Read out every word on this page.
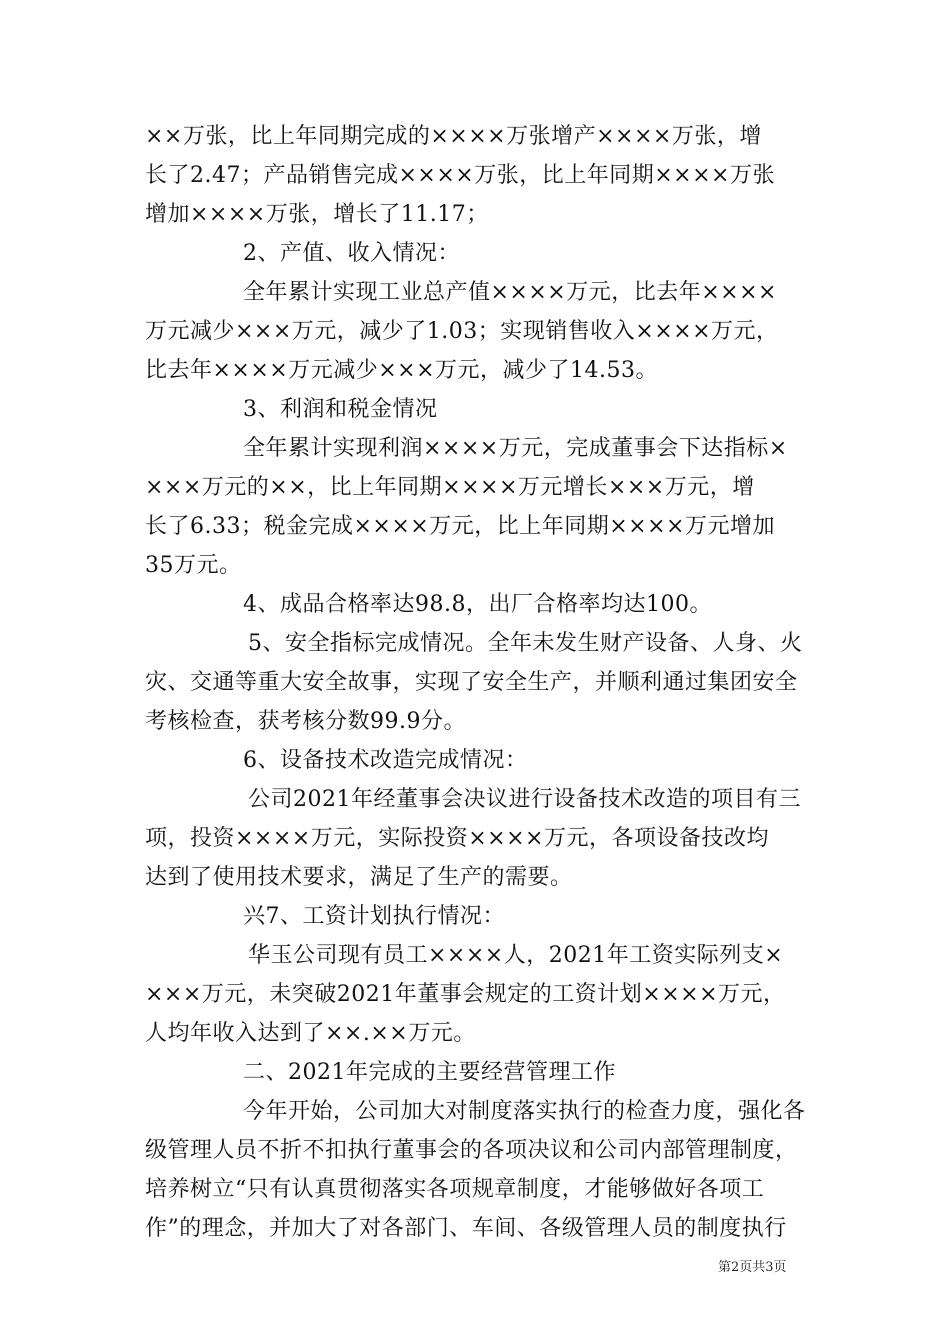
××万张，比上年同期完成的××××万张增产××××万张，增
长了2.47；产品销售完成××××万张，比上年同期××××万张
增加××××万张，增长了11.17；
2、产值、收入情况：
全年累计实现工业总产值××××万元，比去年××××
万元减少×××万元，减少了1.03；实现销售收入××××万元，
比去年××××万元减少×××万元，减少了14.53。
3、利润和税金情况
全年累计实现利润××××万元，完成董事会下达指标×
×××万元的××，比上年同期××××万元增长×××万元，增
长了6.33；税金完成××××万元，比上年同期××××万元增加
35万元。
4、成品合格率达98.8，出厂合格率均达100。
5、安全指标完成情况。全年未发生财产设备、人身、火
灾、交通等重大安全故事，实现了安全生产，并顺利通过集团安全
考核检查，获考核分数99.9分。
6、设备技术改造完成情况：
公司2021年经董事会决议进行设备技术改造的项目有三
项，投资××××万元，实际投资××××万元，各项设备技改均
达到了使用技术要求，满足了生产的需要。
兴7、工资计划执行情况：
华玉公司现有员工××××人，2021年工资实际列支×
×××万元，未突破2021年董事会规定的工资计划××××万元，
人均年收入达到了××.××万元。
二、2021年完成的主要经营管理工作
今年开始，公司加大对制度落实执行的检查力度，强化各
级管理人员不折不扣执行董事会的各项决议和公司内部管理制度，
培养树立“只有认真贯彻落实各项规章制度，才能够做好各项工
作”的理念，并加大了对各部门、车间、各级管理人员的制度执行
第2页共3页
